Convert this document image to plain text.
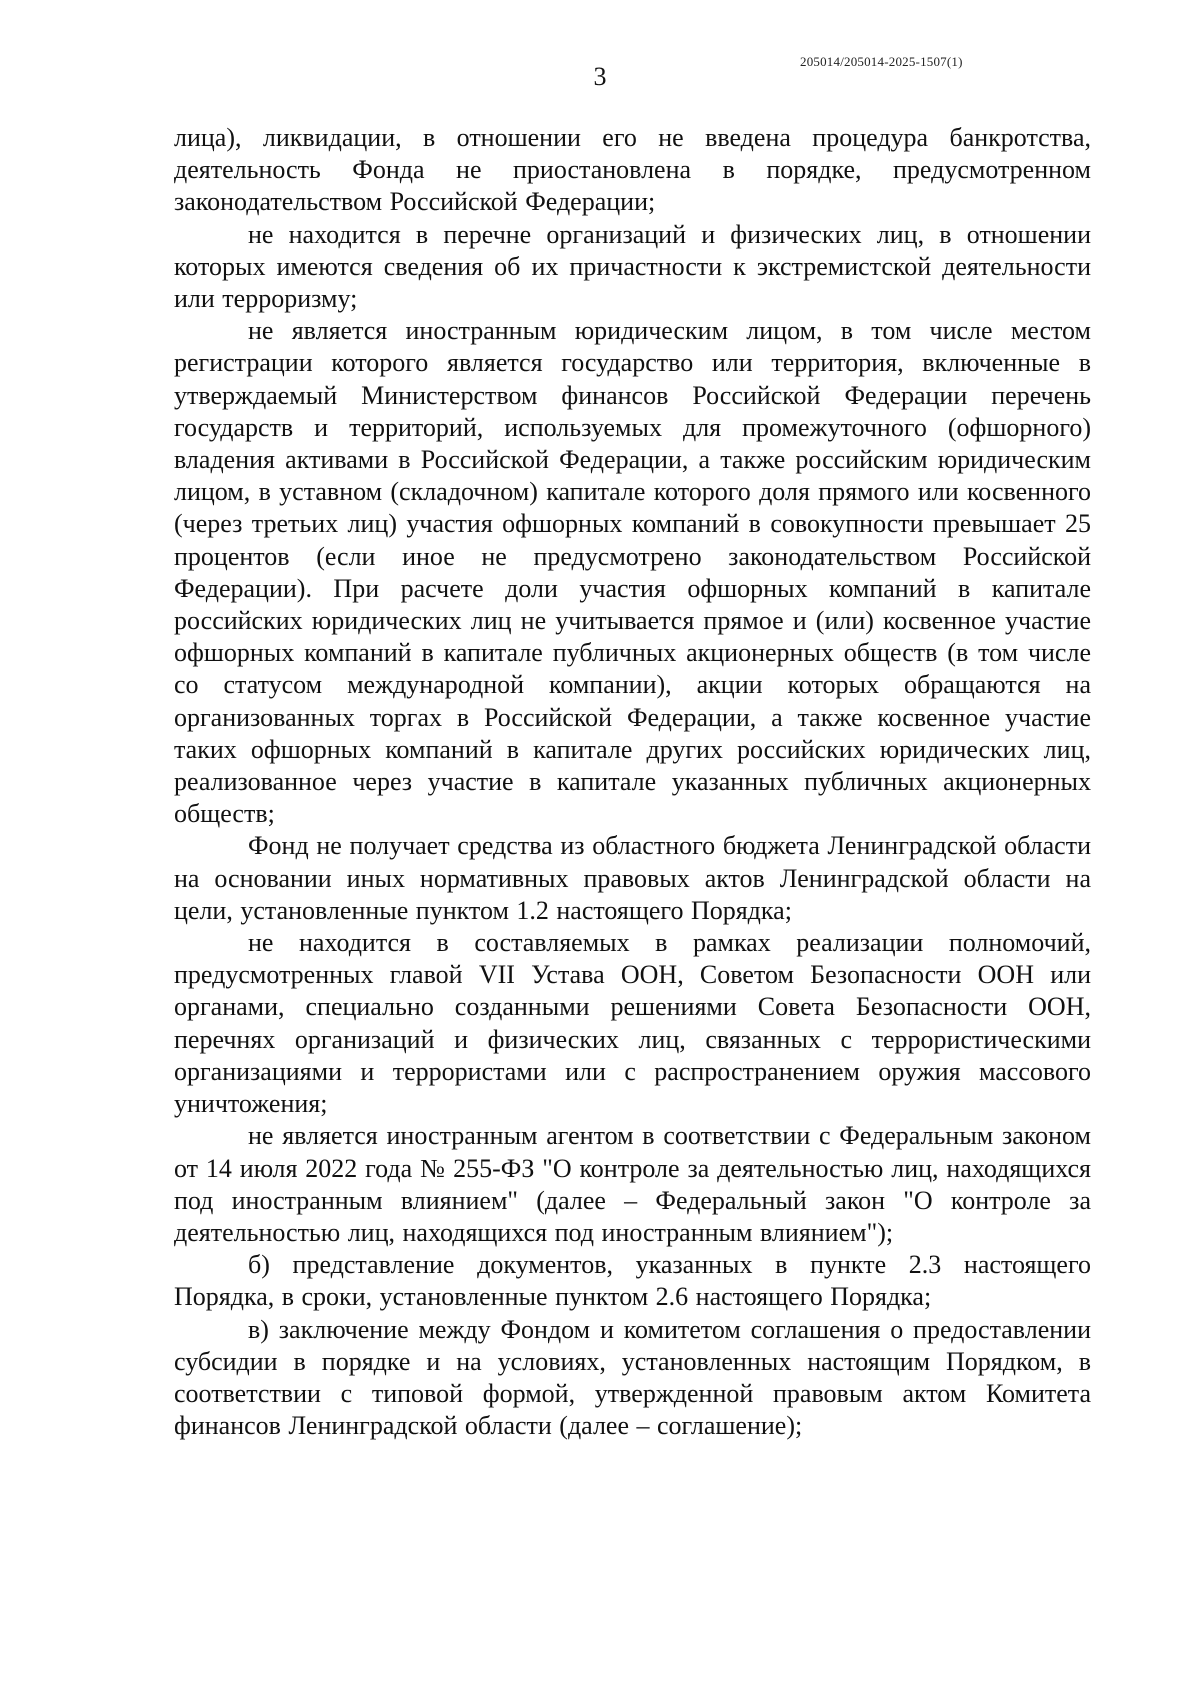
205014/205014-2025-1507(1)
3

лица), ликвидации, в отношении его не введена процедура банкротства, деятельность Фонда не приостановлена в порядке, предусмотренном законодательством Российской Федерации;

не находится в перечне организаций и физических лиц, в отношении которых имеются сведения об их причастности к экстремистской деятельности или терроризму;

не является иностранным юридическим лицом, в том числе местом регистрации которого является государство или территория, включенные в утверждаемый Министерством финансов Российской Федерации перечень государств и территорий, используемых для промежуточного (офшорного) владения активами в Российской Федерации, а также российским юридическим лицом, в уставном (складочном) капитале которого доля прямого или косвенного (через третьих лиц) участия офшорных компаний в совокупности превышает 25 процентов (если иное не предусмотрено законодательством Российской Федерации). При расчете доли участия офшорных компаний в капитале российских юридических лиц не учитывается прямое и (или) косвенное участие офшорных компаний в капитале публичных акционерных обществ (в том числе со статусом международной компании), акции которых обращаются на организованных торгах в Российской Федерации, а также косвенное участие таких офшорных компаний в капитале других российских юридических лиц, реализованное через участие в капитале указанных публичных акционерных обществ;

Фонд не получает средства из областного бюджета Ленинградской области на основании иных нормативных правовых актов Ленинградской области на цели, установленные пунктом 1.2 настоящего Порядка;

не находится в составляемых в рамках реализации полномочий, предусмотренных главой VII Устава ООН, Советом Безопасности ООН или органами, специально созданными решениями Совета Безопасности ООН, перечнях организаций и физических лиц, связанных с террористическими организациями и террористами или с распространением оружия массового уничтожения;

не является иностранным агентом в соответствии с Федеральным законом от 14 июля 2022 года № 255-ФЗ "О контроле за деятельностью лиц, находящихся под иностранным влиянием" (далее – Федеральный закон "О контроле за деятельностью лиц, находящихся под иностранным влиянием");

б) представление документов, указанных в пункте 2.3 настоящего Порядка, в сроки, установленные пунктом 2.6 настоящего Порядка;

в) заключение между Фондом и комитетом соглашения о предоставлении субсидии в порядке и на условиях, установленных настоящим Порядком, в соответствии с типовой формой, утвержденной правовым актом Комитета финансов Ленинградской области (далее – соглашение);
